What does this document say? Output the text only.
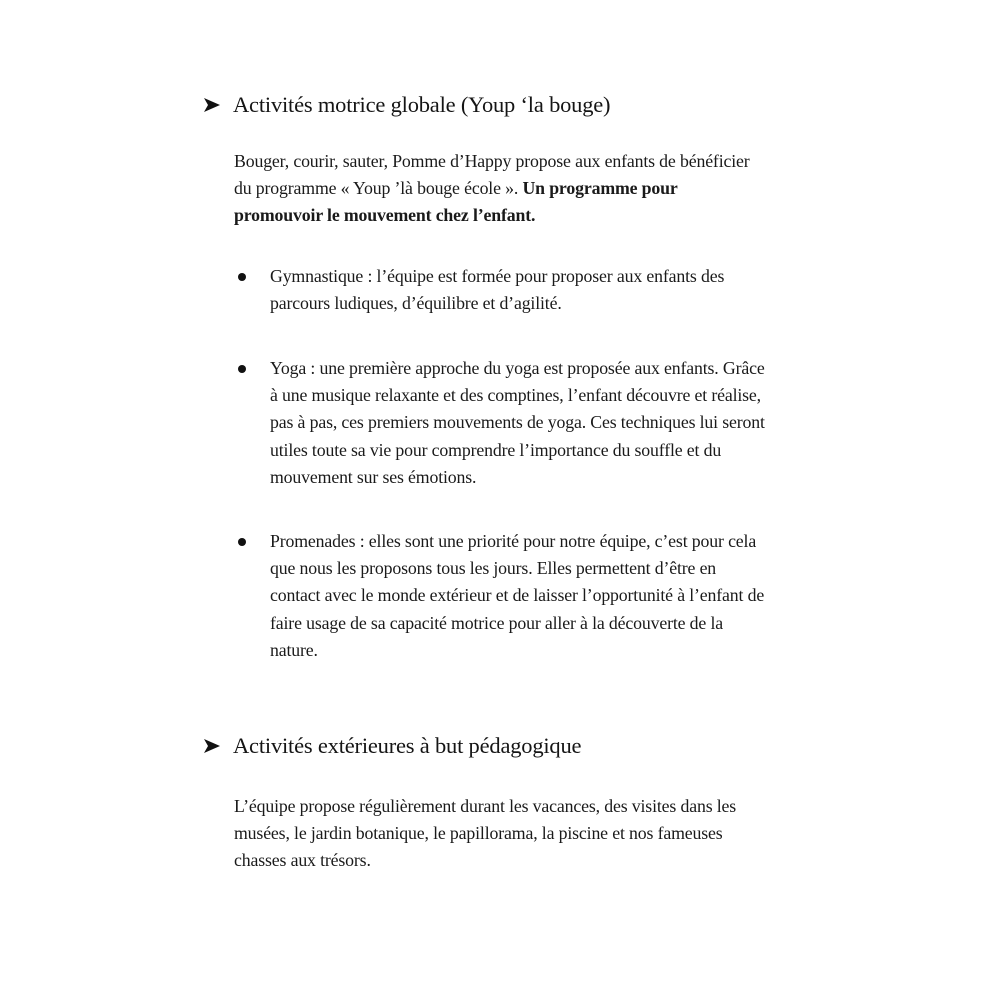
Activités motrice globale (Youp ‘la bouge)
Bouger, courir, sauter, Pomme d’Happy propose aux enfants de bénéficier
du programme « Youp ’là bouge école ». Un programme pour
promouvoir le mouvement chez l’enfant.
Gymnastique : l’équipe est formée pour proposer aux enfants des
parcours ludiques, d’équilibre et d’agilité.
Yoga : une première approche du yoga est proposée aux enfants. Grâce
à une musique relaxante et des comptines, l’enfant découvre et réalise,
pas à pas, ces premiers mouvements de yoga. Ces techniques lui seront
utiles toute sa vie pour comprendre l’importance du souffle et du
mouvement sur ses émotions.
Promenades : elles sont une priorité pour notre équipe, c’est pour cela
que nous les proposons tous les jours. Elles permettent d’être en
contact avec le monde extérieur et de laisser l’opportunité à l’enfant de
faire usage de sa capacité motrice pour aller à la découverte de la
nature.
Activités extérieures à but pédagogique
L’équipe propose régulièrement durant les vacances, des visites dans les
musées, le jardin botanique, le papillorama, la piscine et nos fameuses
chasses aux trésors.
